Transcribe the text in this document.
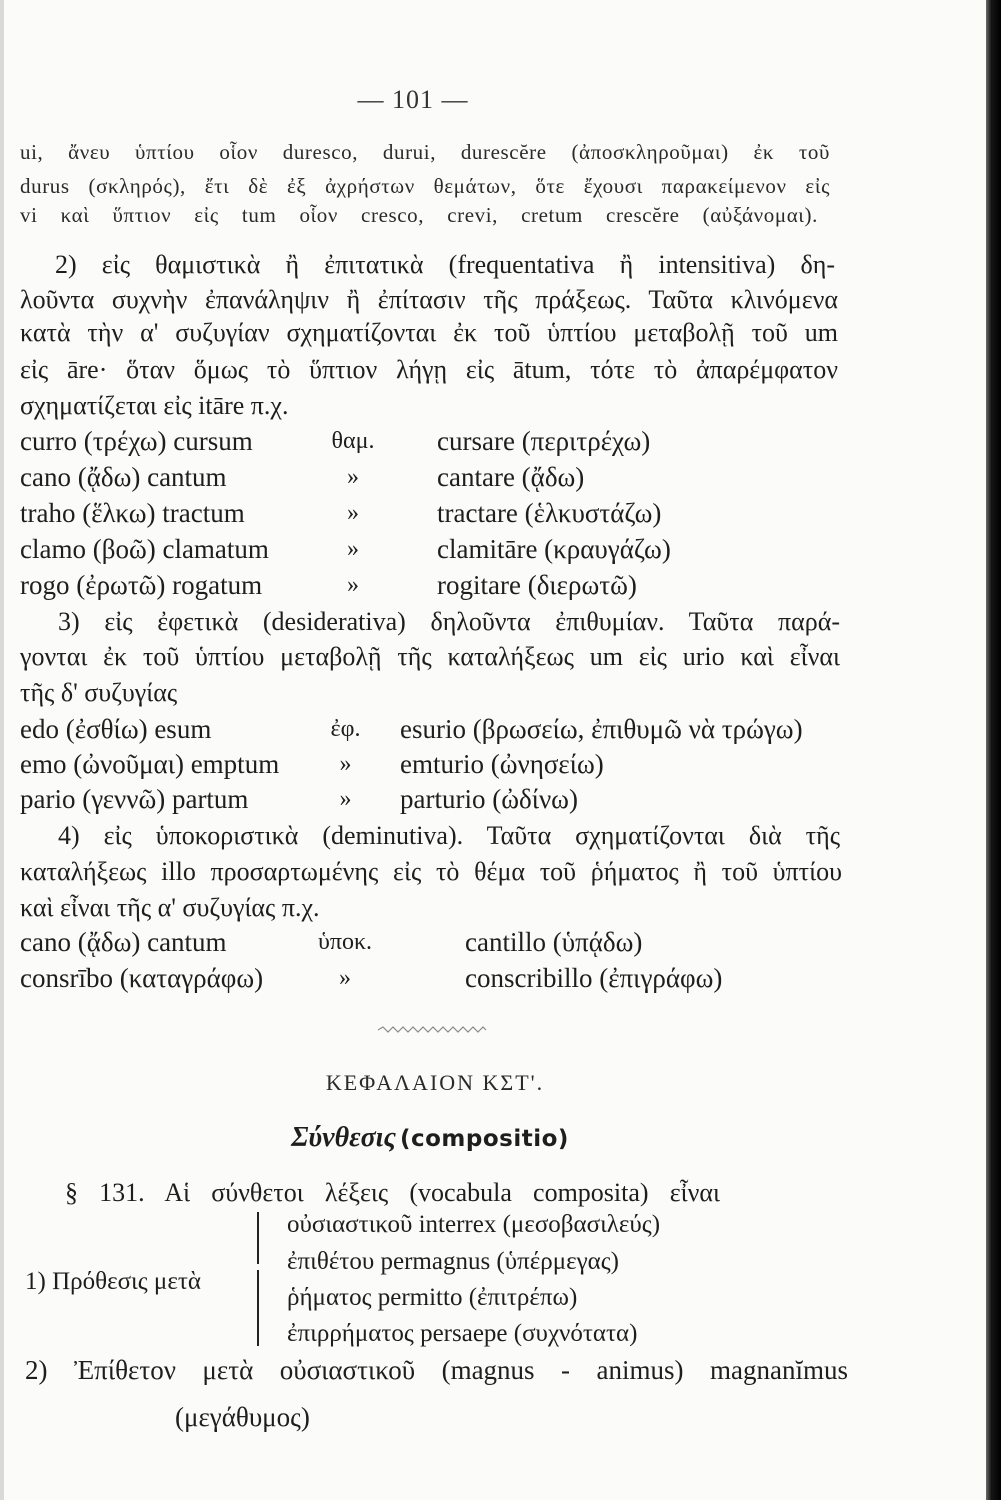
— 101 —
ui, ἄνευ ὑπτίου οἷον duresco, durui, durescĕre (ἀποσκληροῦμαι) ἐκ τοῦ
durus (σκληρός), ἔτι δὲ ἐξ ἀχρήστων θεμάτων, ὅτε ἔχουσι παρακείμενον εἰς
vi καὶ ὕπτιον εἰς tum οἷον cresco, crevi, cretum crescĕre (αὐξάνομαι).
2) εἰς θαμιστικὰ ἢ ἐπιτατικὰ (frequentativa ἢ intensitiva) δη-
λοῦντα συχνὴν ἐπανάληψιν ἢ ἐπίτασιν τῆς πράξεως. Ταῦτα κλινόμενα
κατὰ τὴν α' συζυγίαν σχηματίζονται ἐκ τοῦ ὑπτίου μεταβολῇ τοῦ um
εἰς āre· ὅταν ὅμως τὸ ὕπτιον λήγῃ εἰς ātum, τότε τὸ ἀπαρέμφατον
σχηματίζεται εἰς itāre π.χ.
curro (τρέχω) cursum	θαμ.	cursare (περιτρέχω)
cano (ᾄδω) cantum	»	cantare (ᾄδω)
traho (ἕλκω) tractum	»	tractare (ἑλκυστάζω)
clamo (βοῶ) clamatum	»	clamitāre (κραυγάζω)
rogo (ἐρωτῶ) rogatum	»	rogitare (διερωτῶ)
3) εἰς ἐφετικὰ (desiderativa) δηλοῦντα ἐπιθυμίαν. Ταῦτα παρά-
γονται ἐκ τοῦ ὑπτίου μεταβολῇ τῆς καταλήξεως um εἰς urio καὶ εἶναι
τῆς δ' συζυγίας
edo (ἐσθίω) esum	ἐφ.	esurio (βρωσείω, ἐπιθυμῶ νὰ τρώγω)
emo (ὠνοῦμαι) emptum	»	emturio (ὠνησείω)
pario (γεννῶ) partum	»	parturio (ὠδίνω)
4) εἰς ὑποκοριστικὰ (deminutiva). Ταῦτα σχηματίζονται διὰ τῆς
καταλήξεως illo προσαρτωμένης εἰς τὸ θέμα τοῦ ῥήματος ἢ τοῦ ὑπτίου
καὶ εἶναι τῆς α' συζυγίας π.χ.
cano (ᾄδω) cantum	ὑποκ.	cantillo (ὑπᾴδω)
consrībo (καταγράφω)	»	conscribillo (ἐπιγράφω)
ΚΕΦΑΛΑΙΟΝ ΚΣΤ'.
Σύνθεσις (compositio)
§ 131. Αἱ σύνθετοι λέξεις (vocabula composita) εἶναι
1) Πρόθεσις μετὰ
οὐσιαστικοῦ interrex (μεσοβασιλεύς)
ἐπιθέτου permagnus (ὑπέρμεγας)
ῥήματος permitto (ἐπιτρέπω)
ἐπιρρήματος persaepe (συχνότατα)
2) Ἐπίθετον μετὰ οὐσιαστικοῦ (magnus - animus) magnanĭmus
(μεγάθυμος)
